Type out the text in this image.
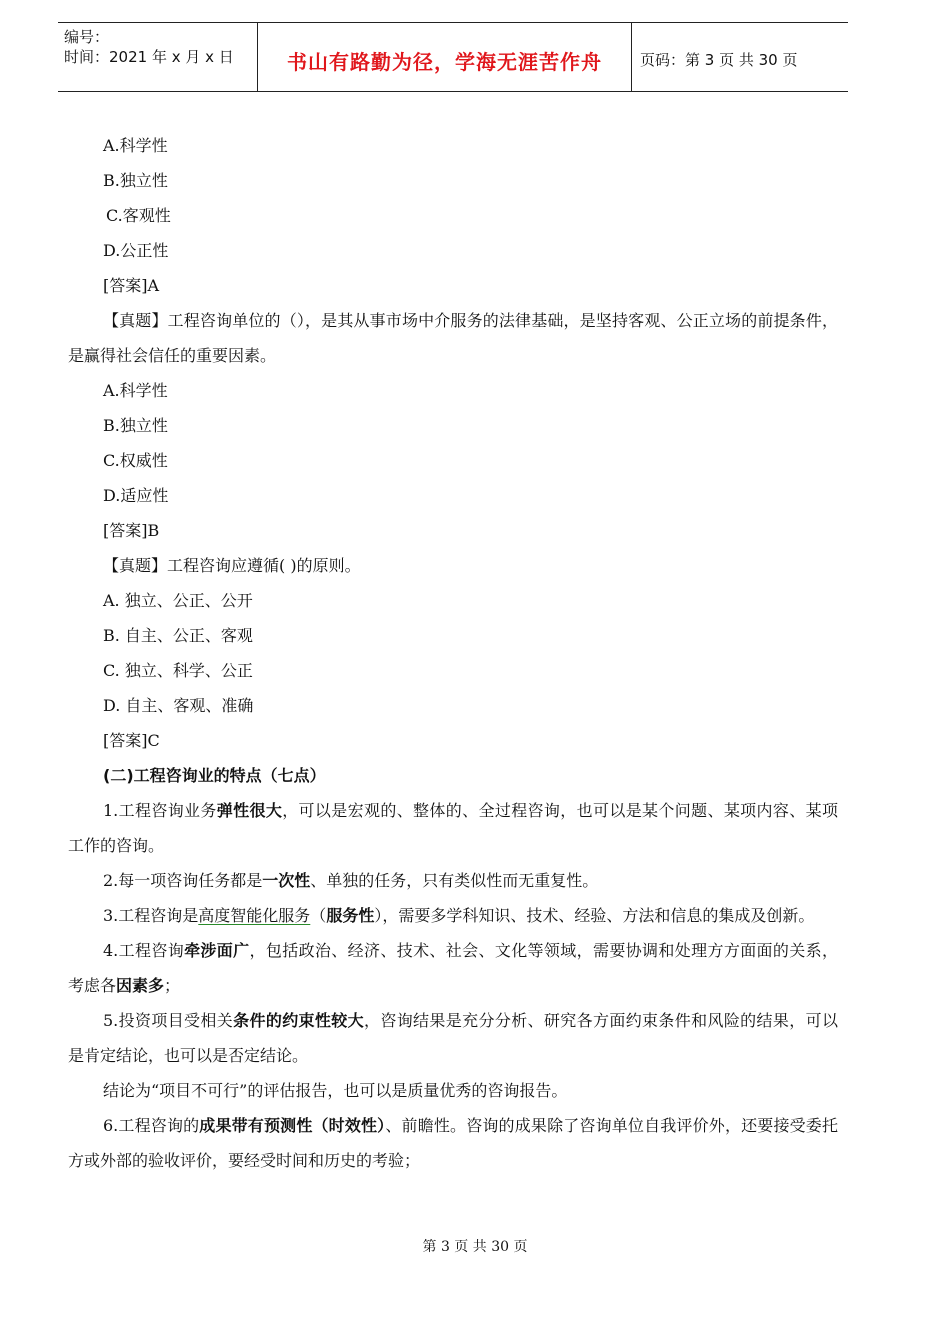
编号：
时间：2021 年 x 月 x 日	书山有路勤为径，学海无涯苦作舟	页码：第 3 页 共 30 页

A.科学性

B.独立性

C.客观性

D.公正性

[答案]A

【真题】工程咨询单位的（），是其从事市场中介服务的法律基础，是坚持客观、公正立场的前提条件，是赢得社会信任的重要因素。

A.科学性

B.独立性

C.权威性

D.适应性

[答案]B

【真题】工程咨询应遵循( )的原则。

A. 独立、公正、公开

B. 自主、公正、客观

C. 独立、科学、公正

D. 自主、客观、准确

[答案]C

(二)工程咨询业的特点（七点）

1.工程咨询业务弹性很大，可以是宏观的、整体的、全过程咨询，也可以是某个问题、某项内容、某项工作的咨询。

2.每一项咨询任务都是一次性、单独的任务，只有类似性而无重复性。

3.工程咨询是高度智能化服务（服务性），需要多学科知识、技术、经验、方法和信息的集成及创新。

4.工程咨询牵涉面广，包括政治、经济、技术、社会、文化等领域，需要协调和处理方方面面的关系，考虑各因素多；

5.投资项目受相关条件的约束性较大，咨询结果是充分分析、研究各方面约束条件和风险的结果，可以是肯定结论，也可以是否定结论。

结论为“项目不可行”的评估报告，也可以是质量优秀的咨询报告。

6.工程咨询的成果带有预测性（时效性）、前瞻性。咨询的成果除了咨询单位自我评价外，还要接受委托方或外部的验收评价，要经受时间和历史的考验；

第 3 页 共 30 页
